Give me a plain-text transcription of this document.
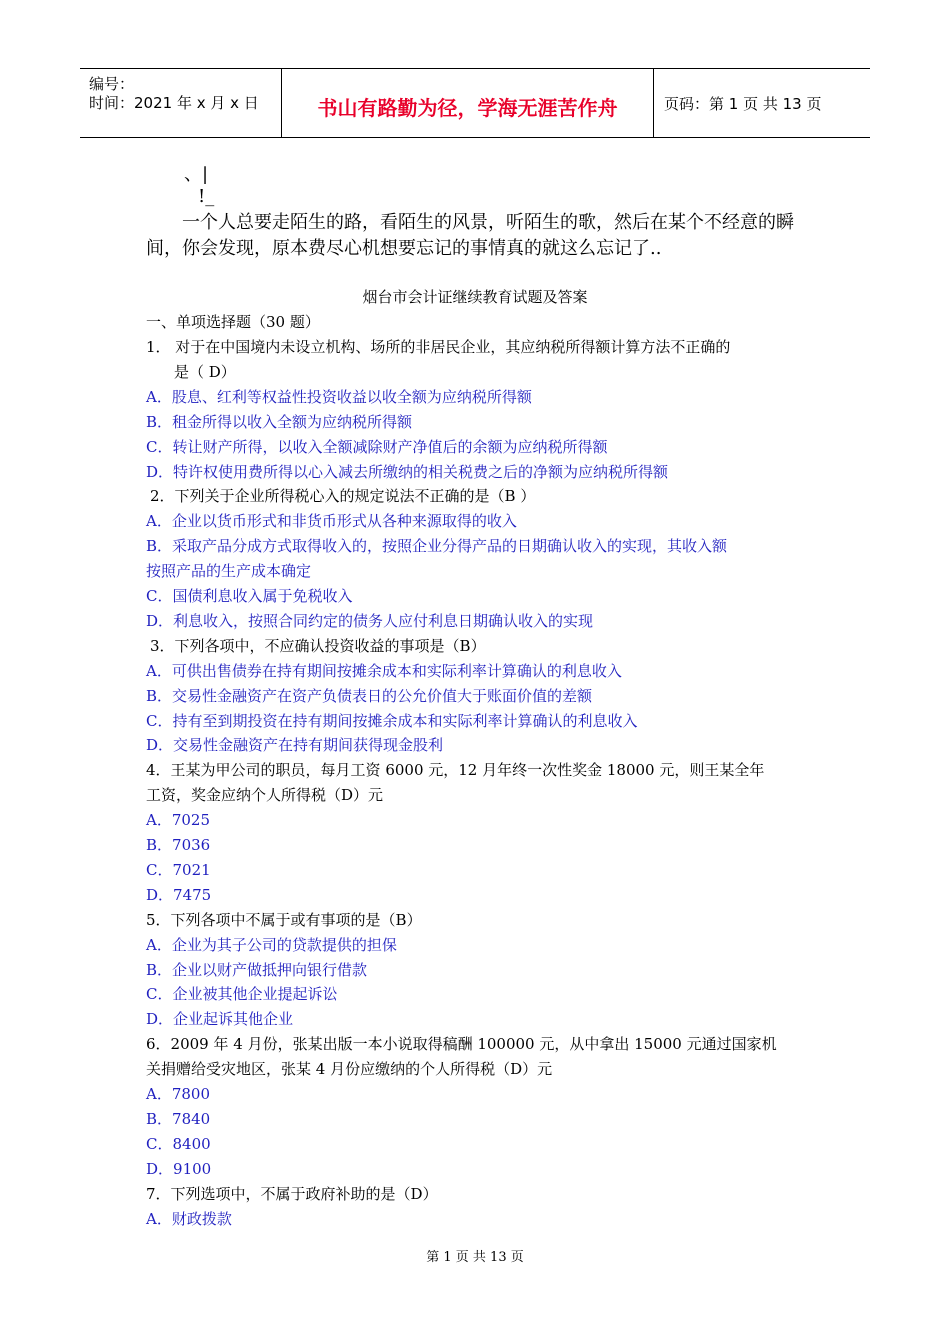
编号：
时间：2021 年 x 月 x 日	书山有路勤为径，学海无涯苦作舟	页码：第 1 页 共 13 页
、|
!_
一个人总要走陌生的路，看陌生的风景，听陌生的歌，然后在某个不经意的瞬间，你会发现，原本费尽心机想要忘记的事情真的就这么忘记了..
烟台市会计证继续教育试题及答案
一、单项选择题（30 题）
1． 对于在中国境内未设立机构、场所的非居民企业，其应纳税所得额计算方法不正确的
是（ D）
A．股息、红利等权益性投资收益以收全额为应纳税所得额
B．租金所得以收入全额为应纳税所得额
C．转让财产所得，以收入全额减除财产净值后的余额为应纳税所得额
D．特许权使用费所得以心入减去所缴纳的相关税费之后的净额为应纳税所得额
2．下列关于企业所得税心入的规定说法不正确的是（B ）
A．企业以货币形式和非货币形式从各种来源取得的收入
B．采取产品分成方式取得收入的，按照企业分得产品的日期确认收入的实现，其收入额
按照产品的生产成本确定
C．国债利息收入属于免税收入
D．利息收入，按照合同约定的债务人应付利息日期确认收入的实现
3．下列各项中，不应确认投资收益的事项是（B）
A．可供出售债券在持有期间按摊余成本和实际利率计算确认的利息收入
B．交易性金融资产在资产负债表日的公允价值大于账面价值的差额
C．持有至到期投资在持有期间按摊余成本和实际利率计算确认的利息收入
D．交易性金融资产在持有期间获得现金股利
4．王某为甲公司的职员，每月工资 6000 元，12 月年终一次性奖金 18000 元，则王某全年
工资，奖金应纳个人所得税（D）元
A．7025
B．7036
C．7021
D．7475
5．下列各项中不属于或有事项的是（B）
A．企业为其子公司的贷款提供的担保
B．企业以财产做抵押向银行借款
C．企业被其他企业提起诉讼
D．企业起诉其他企业
6．2009 年 4 月份，张某出版一本小说取得稿酬 100000 元，从中拿出 15000 元通过国家机
关捐赠给受灾地区，张某 4 月份应缴纳的个人所得税（D）元
A．7800
B．7840
C．8400
D．9100
7．下列选项中，不属于政府补助的是（D）
A．财政拨款
第 1 页 共 13 页
